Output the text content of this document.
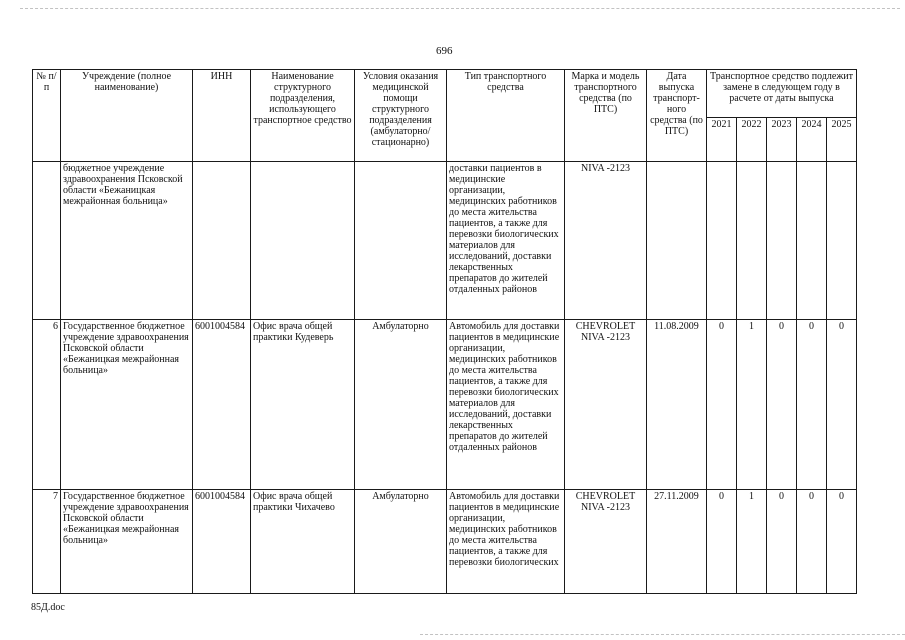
696
№ п/п	Учреждение (полное наименование)	ИНН	Наименование структурного подразделения, использующего транспортное средство	Условия оказания медицинской помощи структурного подразделения (амбулаторно/ стационарно)	Тип транспортного средства	Марка и модель транспортного средства (по ПТС)	Дата выпуска транспорт- ного средства (по ПТС)	Транспортное средство подлежит замене в следующем году в расчете от даты выпуска				
								2021	2022	2023	2024	2025
	бюджетное учреждение здравоохранения Псковской области «Бежаницкая межрайонная больница»				доставки пациентов в медицинские организации, медицинских работников до места жительства пациентов, а также для перевозки биологических материалов для исследований, доставки лекарственных препаратов до жителей отдаленных районов	NIVA -2123						
6	Государственное бюджетное учреждение здравоохранения Псковской области «Бежаницкая межрайонная больница»	6001004584	Офис врача общей практики Кудеверь	Амбулаторно	Автомобиль для доставки пациентов в медицинские организации, медицинских работников до места жительства пациентов, а также для перевозки биологических материалов для исследований, доставки лекарственных препаратов до жителей отдаленных районов	CHEVROLET NIVA -2123	11.08.2009	0	1	0	0	0
7	Государственное бюджетное учреждение здравоохранения Псковской области «Бежаницкая межрайонная больница»	6001004584	Офис врача общей практики Чихачево	Амбулаторно	Автомобиль для доставки пациентов в медицинские организации, медицинских работников до места жительства пациентов, а также для перевозки биологических	CHEVROLET NIVA -2123	27.11.2009	0	1	0	0	0
85Д.doc
